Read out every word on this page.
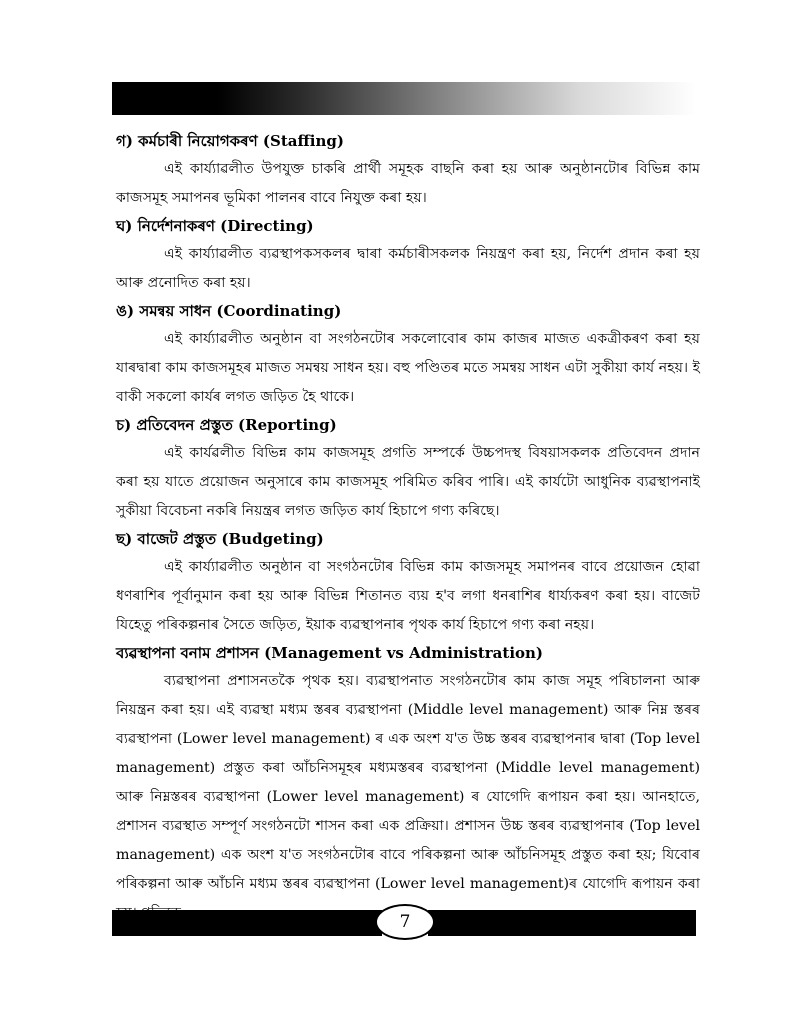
গ) কৰ্মচাৰী নিয়োগকৰণ (Staffing)

এই কাৰ্য্যাৱলীত উপযুক্ত চাকৰি প্ৰাৰ্থী সমূহক বাছনি কৰা হয় আৰু অনুষ্ঠানটোৰ বিভিন্ন কাম কাজসমূহ সমাপনৰ ভূমিকা পালনৰ বাবে নিযুক্ত কৰা হয়।

ঘ) নিৰ্দেশনাকৰণ (Directing)

এই কাৰ্য্যাৱলীত ব্যৱস্থাপকসকলৰ দ্বাৰা কৰ্মচাৰীসকলক নিয়ন্ত্ৰণ কৰা হয়, নিৰ্দেশ প্ৰদান কৰা হয় আৰু প্ৰনোদিত কৰা হয়।

ঙ) সমন্বয় সাধন (Coordinating)

এই কাৰ্য্যাৱলীত অনুষ্ঠান বা সংগঠনটোৰ সকলোবোৰ কাম কাজৰ মাজত একত্ৰীকৰণ কৰা হয় যাৰদ্বাৰা কাম কাজসমূহৰ মাজত সমন্বয় সাধন হয়। বহু পণ্ডিতৰ মতে সমন্বয় সাধন এটা সুকীয়া কাৰ্য নহয়। ই বাকী সকলো কাৰ্যৰ লগত জড়িত হৈ থাকে।

চ) প্ৰতিবেদন প্ৰস্তুত (Reporting)

এই কাৰ্যৱলীত বিভিন্ন কাম কাজসমূহ প্ৰগতি সম্পৰ্কে উচ্চপদস্থ বিষয়াসকলক প্ৰতিবেদন প্ৰদান কৰা হয় যাতে প্ৰয়োজন অনুসাৰে কাম কাজসমূহ পৰিমিত কৰিব পাৰি। এই কাৰ্যটো আধুনিক ব্যৱস্থাপনাই সুকীয়া বিবেচনা নকৰি নিয়ন্ত্ৰৰ লগত জড়িত কাৰ্য হিচাপে গণ্য কৰিছে।

ছ) বাজেট প্ৰস্তুত (Budgeting)

এই কাৰ্য্যাৱলীত অনুষ্ঠান বা সংগঠনটোৰ বিভিন্ন কাম কাজসমূহ সমাপনৰ বাবে প্ৰয়োজন হোৱা ধণৰাশিৰ পূৰ্বানুমান কৰা হয় আৰু বিভিন্ন শিতানত ব্যয় হ'ব লগা ধনৰাশিৰ ধাৰ্য্যকৰণ কৰা হয়। বাজেট যিহেতু পৰিকল্পনাৰ সৈতে জড়িত, ইয়াক ব্যৱস্থাপনাৰ পৃথক কাৰ্য হিচাপে গণ্য কৰা নহয়।

ব্যৱস্থাপনা বনাম প্ৰশাসন (Management vs Administration)

ব্যৱস্থাপনা প্ৰশাসনতকৈ পৃথক হয়। ব্যৱস্থাপনাত সংগঠনটোৰ কাম কাজ সমূহ পৰিচালনা আৰু নিয়ন্ত্ৰন কৰা হয়। এই ব্যৱস্থা মধ্যম স্তৰৰ ব্যৱস্থাপনা (Middle level management) আৰু নিম্ন স্তৰৰ ব্যৱস্থাপনা (Lower level management) ৰ এক অংশ য'ত উচ্চ স্তৰৰ ব্যৱস্থাপনাৰ দ্বাৰা (Top level management) প্ৰস্তুত কৰা আঁচনিসমূহৰ মধ্যমস্তৰৰ ব্যৱস্থাপনা (Middle level management) আৰু নিম্নস্তৰৰ ব্যৱস্থাপনা (Lower level management) ৰ যোগেদি ৰূপায়ন কৰা হয়। আনহাতে, প্ৰশাসন ব্যৱস্থাত সম্পূৰ্ণ সংগঠনটো শাসন কৰা এক প্ৰক্ৰিয়া। প্ৰশাসন উচ্চ স্তৰৰ ব্যৱস্থাপনাৰ (Top level management) এক অংশ য'ত সংগঠনটোৰ বাবে পৰিকল্পনা আৰু আঁচনিসমূহ প্ৰস্তুত কৰা হয়; যিবোৰ পৰিকল্পনা আৰু আঁচনি মধ্যম স্তৰৰ ব্যৱস্থাপনা (Lower level management)ৰ যোগেদি ৰূপায়ন কৰা

7
